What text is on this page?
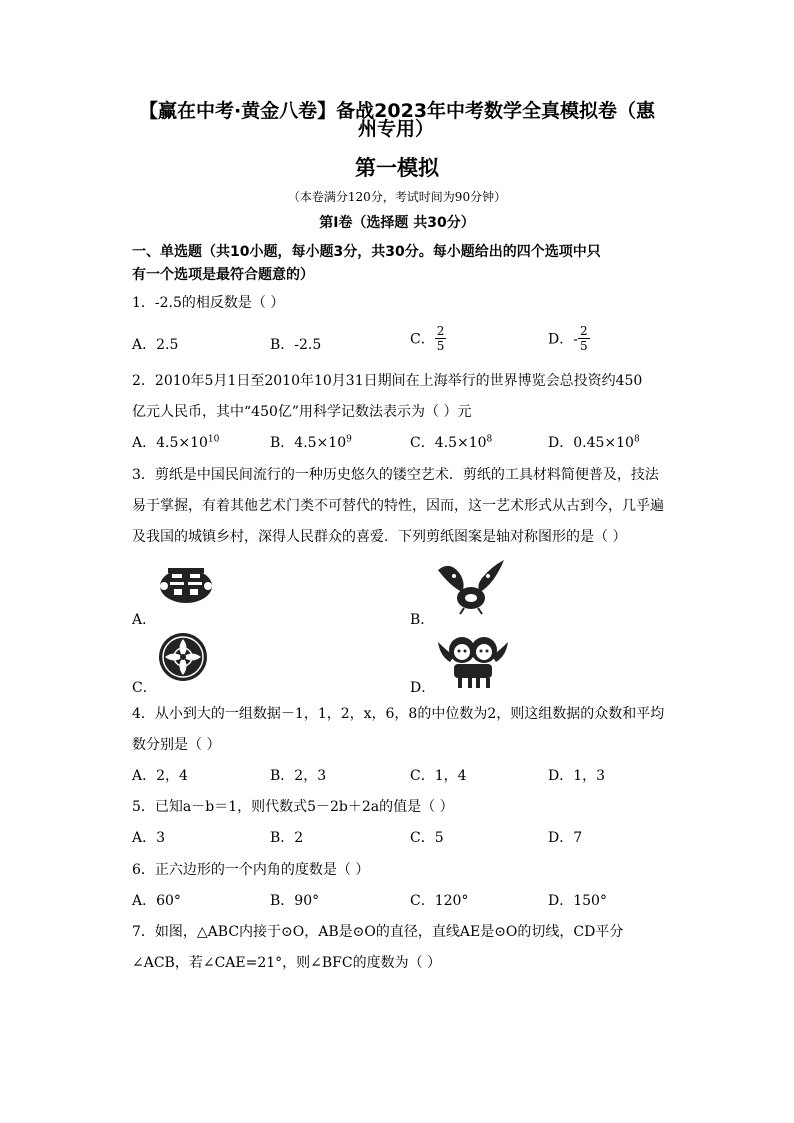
【赢在中考·黄金八卷】备战2023年中考数学全真模拟卷（惠
州专用）
第一模拟
（本卷满分120分，考试时间为90分钟）
第Ⅰ卷（选择题 共30分）
一、单选题（共10小题，每小题3分，共30分。每小题给出的四个选项中只
有一个选项是最符合题意的）
1．-2.5的相反数是（ ）
A．2.5	B．-2.5	C． $\frac{2}{5}$	D．- $\frac{2}{5}$
2．2010年5月1日至2010年10月31日期间在上海举行的世界博览会总投资约450
亿元人民币，其中“450亿”用科学记数法表示为（ ）元
A．$4.5\times 10^{10}$	B．$4.5\times 10^9$	C．$4.5\times 10^8$	D．$0.45\times 10^8$
3．剪纸是中国民间流行的一种历史悠久的镂空艺术．剪纸的工具材料简便普及，技法
易于掌握，有着其他艺术门类不可替代的特性，因而，这一艺术形式从古到今，几乎遍
及我国的城镇乡村，深得人民群众的喜爱．下列剪纸图案是轴对称图形的是（ ）
A．	B．
C．	D．
4．从小到大的一组数据－1，1，2，x，6，8的中位数为2，则这组数据的众数和平均
数分别是（ ）
A．2，4	B．2，3	C．1，4	D．1，3
5．已知a－b＝1，则代数式5－2b＋2a的值是（ ）
A．3	B．2	C．5	D．7
6．正六边形的一个内角的度数是（ ）
A．60°	B．90°	C．120°	D．150°
7．如图，△ABC内接于⊙O，AB是⊙O的直径，直线AE是⊙O的切线，CD平分
∠ACB，若∠CAE=21°，则∠BFC的度数为（ ）
